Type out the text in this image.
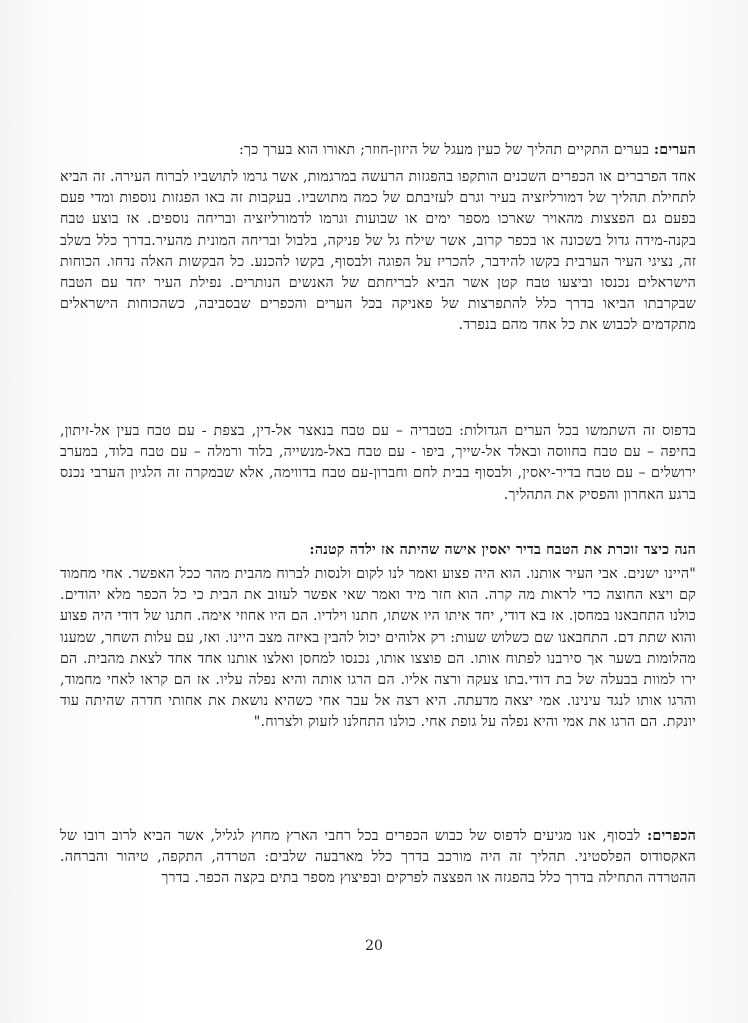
הערים: בערים התקיים תהליך של כעין מעגל של היזון-חוזר; תאורו הוא בערך כך:
אחד הפרברים או הכפרים השכנים הותקפו בהפגזות הרעשה במרגמות, אשר גרמו לתושביו לברוח העירה. זה הביא לתחילת תהליך של דמורליזציה בעיר וגרם לעזיבתם של כמה מתושביו. בעקבות זה באו הפגזות נוספות ומדי פעם בפעם גם הפצצות מהאויר שארכו מספר ימים או שבועות וגרמו לדמורליזציה ובריחה נוספים. אז בוצע טבח בקנה-מידה גדול בשכונה או בכפר קרוב, אשר שילח גל של פניקה, בלבול ובריחה המונית מהעיר.בדרך כלל בשלב זה, נציגי העיר הערבית בקשו להידבר, להכריז על הפוגה ולבסוף, בקשו להכנע. כל הבקשות האלה נדחו. הכוחות הישראלים נכנסו וביצעו טבח קטן אשר הביא לבריחתם של האנשים הנותרים. נפילת העיר יחד עם הטבח שבקרבתו הביאו בדרך כלל להתפרצות של פאניקה בכל הערים והכפרים שבסביבה, כשהכוחות הישראלים מתקדמים לכבוש את כל אחד מהם בנפרד.
בדפוס זה השתמשו בכל הערים הגדולות: בטבריה – עם טבח בנאצר אל-דין, בצפת - עם טבח בעין אל-זיתון, בחיפה – עם טבח בחווסה ובאלד אל-שייך, ביפו - עם טבח באל-מנשייה, בלוד ורמלה – עם טבח בלוד, במערב ירושלים – עם טבח בדיר-יאסין, ולבסוף בבית לחם וחברון-עם טבח בדווימה, אלא שבמקרה זה הלגיון הערבי נכנס ברגע האחרון והפסיק את התהליך.
הנה כיצד זוכרת את הטבח בדיר יאסין אישה שהיתה אז ילדה קטנה:
"היינו ישנים. אבי העיר אותנו. הוא היה פצוע ואמר לנו לקום ולנסות לברוח מהבית מהר ככל האפשר. אחי מחמוד קם ויצא החוצה כדי לראות מה קרה. הוא חזר מיד ואמר שאי אפשר לעזוב את הבית כי כל הכפר מלא יהודים. כולנו התחבאנו במחסן. אז בא דודי, יחד איתו היו אשתו, חתנו וילדיו. הם היו אחוזי אימה. חתנו של דודי היה פצוע והוא שתת דם. התחבאנו שם כשלוש שעות: רק אלוהים יכול להבין באיזה מצב היינו. ואז, עם עלות השחר, שמענו מהלומות בשער אך סירבנו לפתוח אותו. הם פוצצו אותו, נכנסו למחסן ואלצו אותנו אחד אחד לצאת מהבית. הם ירו למוות בבעלה של בת דודי.בתו צעקה ורצה אליו. הם הרגו אותה והיא נפלה עליו. אז הם קראו לאחי מחמוד, והרגו אותו לנגד עינינו. אמי יצאה מדעתה. היא רצה אל עבר אחי כשהיא נושאת את אחותי חדרה שהיתה עוד יונקת. הם הרגו את אמי והיא נפלה על גופת אחי. כולנו התחלנו לזעוק ולצרוח."
הכפרים: לבסוף, אנו מגיעים לדפוס של כבוש הכפרים בכל רחבי הארץ מחוץ לגליל, אשר הביא לרוב רובו של האקסודוס הפלסטיני. תהליך זה היה מורכב בדרך כלל מארבעה שלבים: הטרדה, התקפה, טיהור והברחה. ההטרדה התחילה בדרך כלל בהפגזה או הפצצה לפרקים ובפיצוץ מספר בתים בקצה הכפר. בדרך
20
